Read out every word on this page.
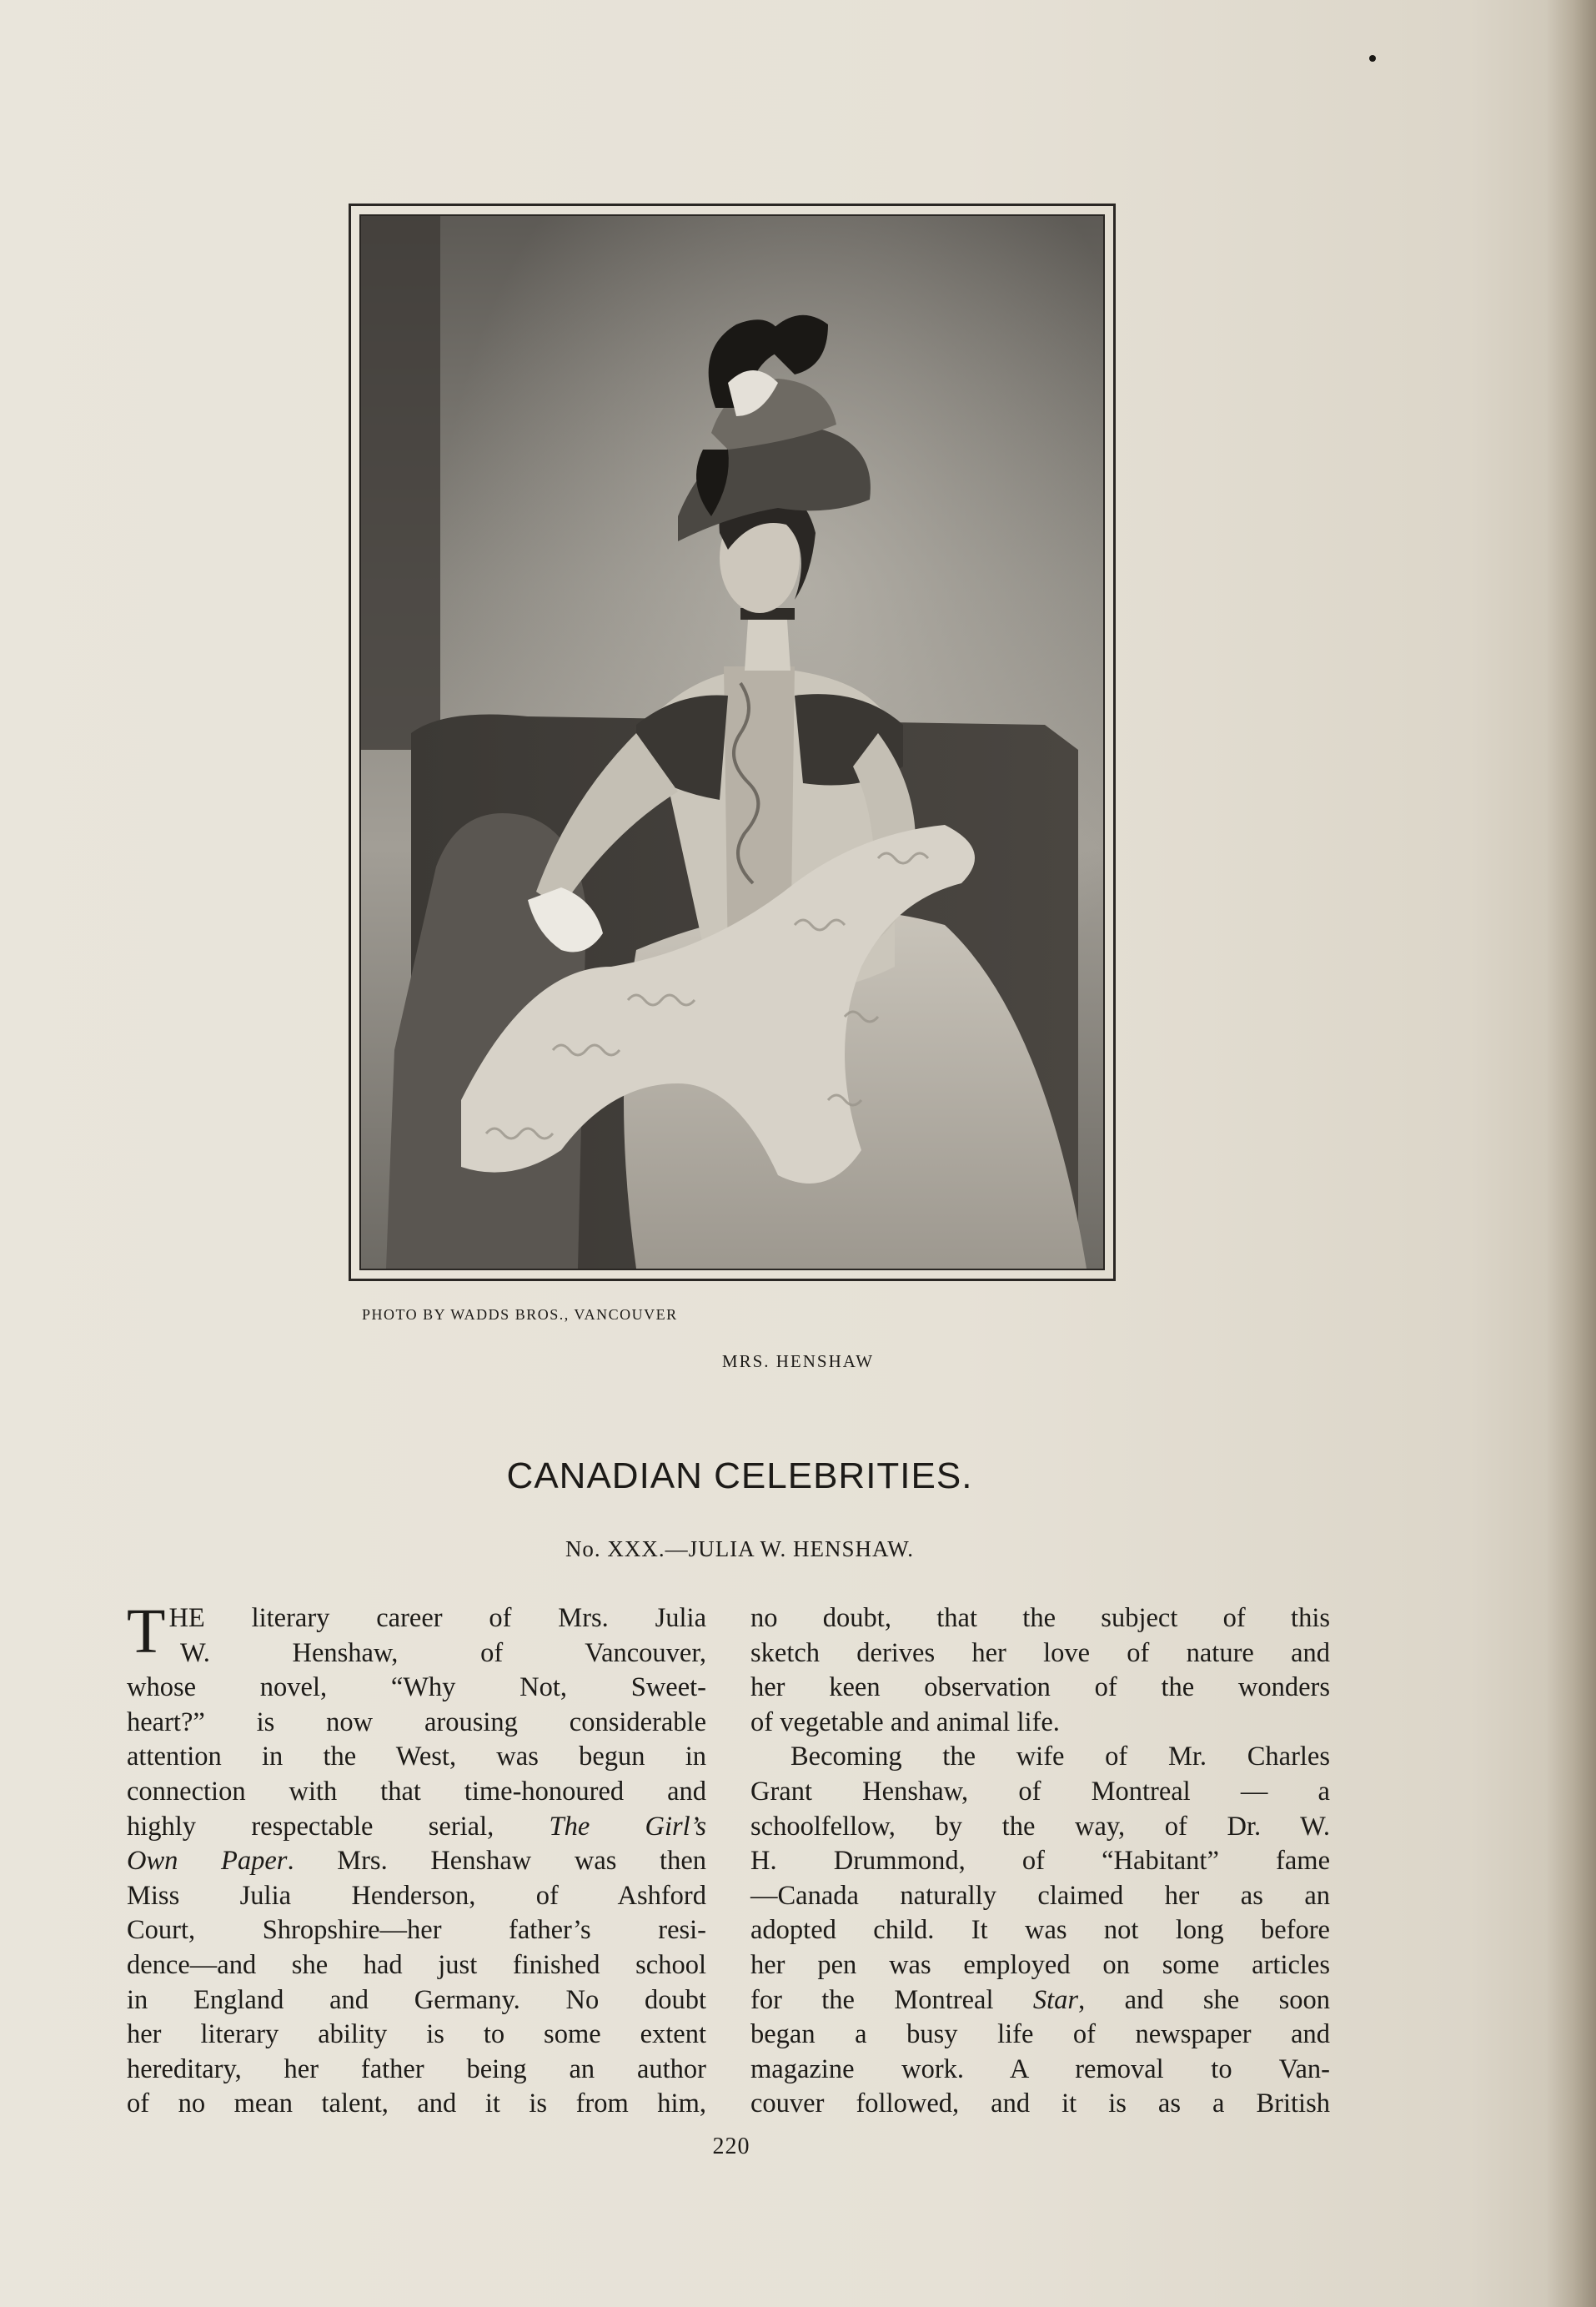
PHOTO BY WADDS BROS., VANCOUVER
MRS. HENSHAW
CANADIAN CELEBRITIES.
No. XXX.—JULIA W. HENSHAW.
THE literary career of Mrs. Julia
W. Henshaw, of Vancouver,
whose novel, “Why Not, Sweet-
heart?” is now arousing considerable
attention in the West, was begun in
connection with that time-honoured and
highly respectable serial, The Girl’s
Own Paper. Mrs. Henshaw was then
Miss Julia Henderson, of Ashford
Court, Shropshire—her father’s resi-
dence—and she had just finished school
in England and Germany. No doubt
her literary ability is to some extent
hereditary, her father being an author
of no mean talent, and it is from him,
no doubt, that the subject of this
sketch derives her love of nature and
her keen observation of the wonders
of vegetable and animal life.
Becoming the wife of Mr. Charles
Grant Henshaw, of Montreal — a
schoolfellow, by the way, of Dr. W.
H. Drummond, of “Habitant” fame
—Canada naturally claimed her as an
adopted child. It was not long before
her pen was employed on some articles
for the Montreal Star, and she soon
began a busy life of newspaper and
magazine work. A removal to Van-
couver followed, and it is as a British
220
